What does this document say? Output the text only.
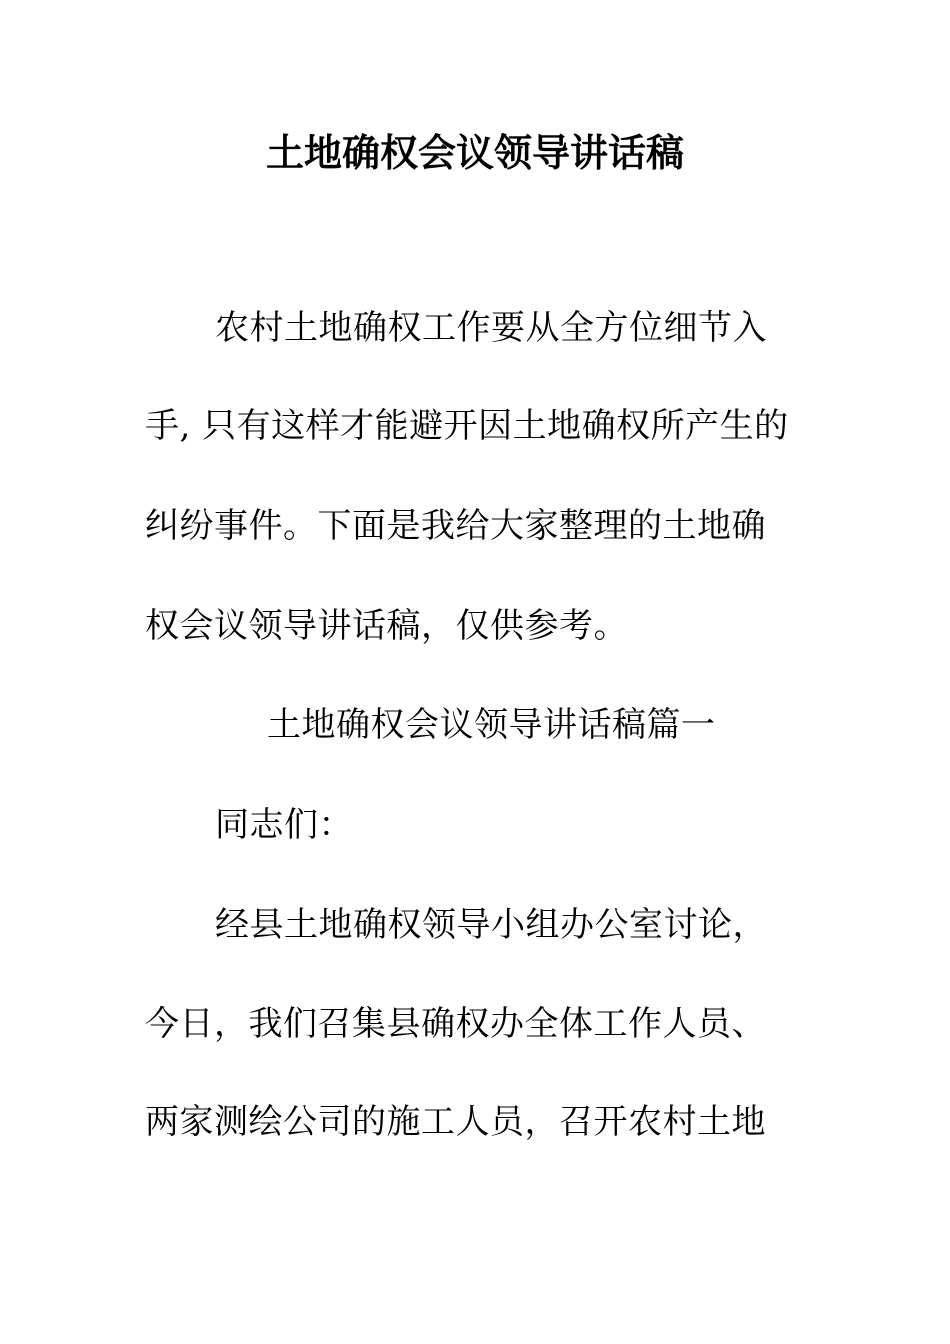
土地确权会议领导讲话稿
农村土地确权工作要从全方位细节入
手, 只有这样才能避开因土地确权所产生的
纠纷事件。下面是我给大家整理的土地确
权会议领导讲话稿，仅供参考。
土地确权会议领导讲话稿篇一
同志们：
经县土地确权领导小组办公室讨论，
今日，我们召集县确权办全体工作人员、
两家测绘公司的施工人员，召开农村土地
